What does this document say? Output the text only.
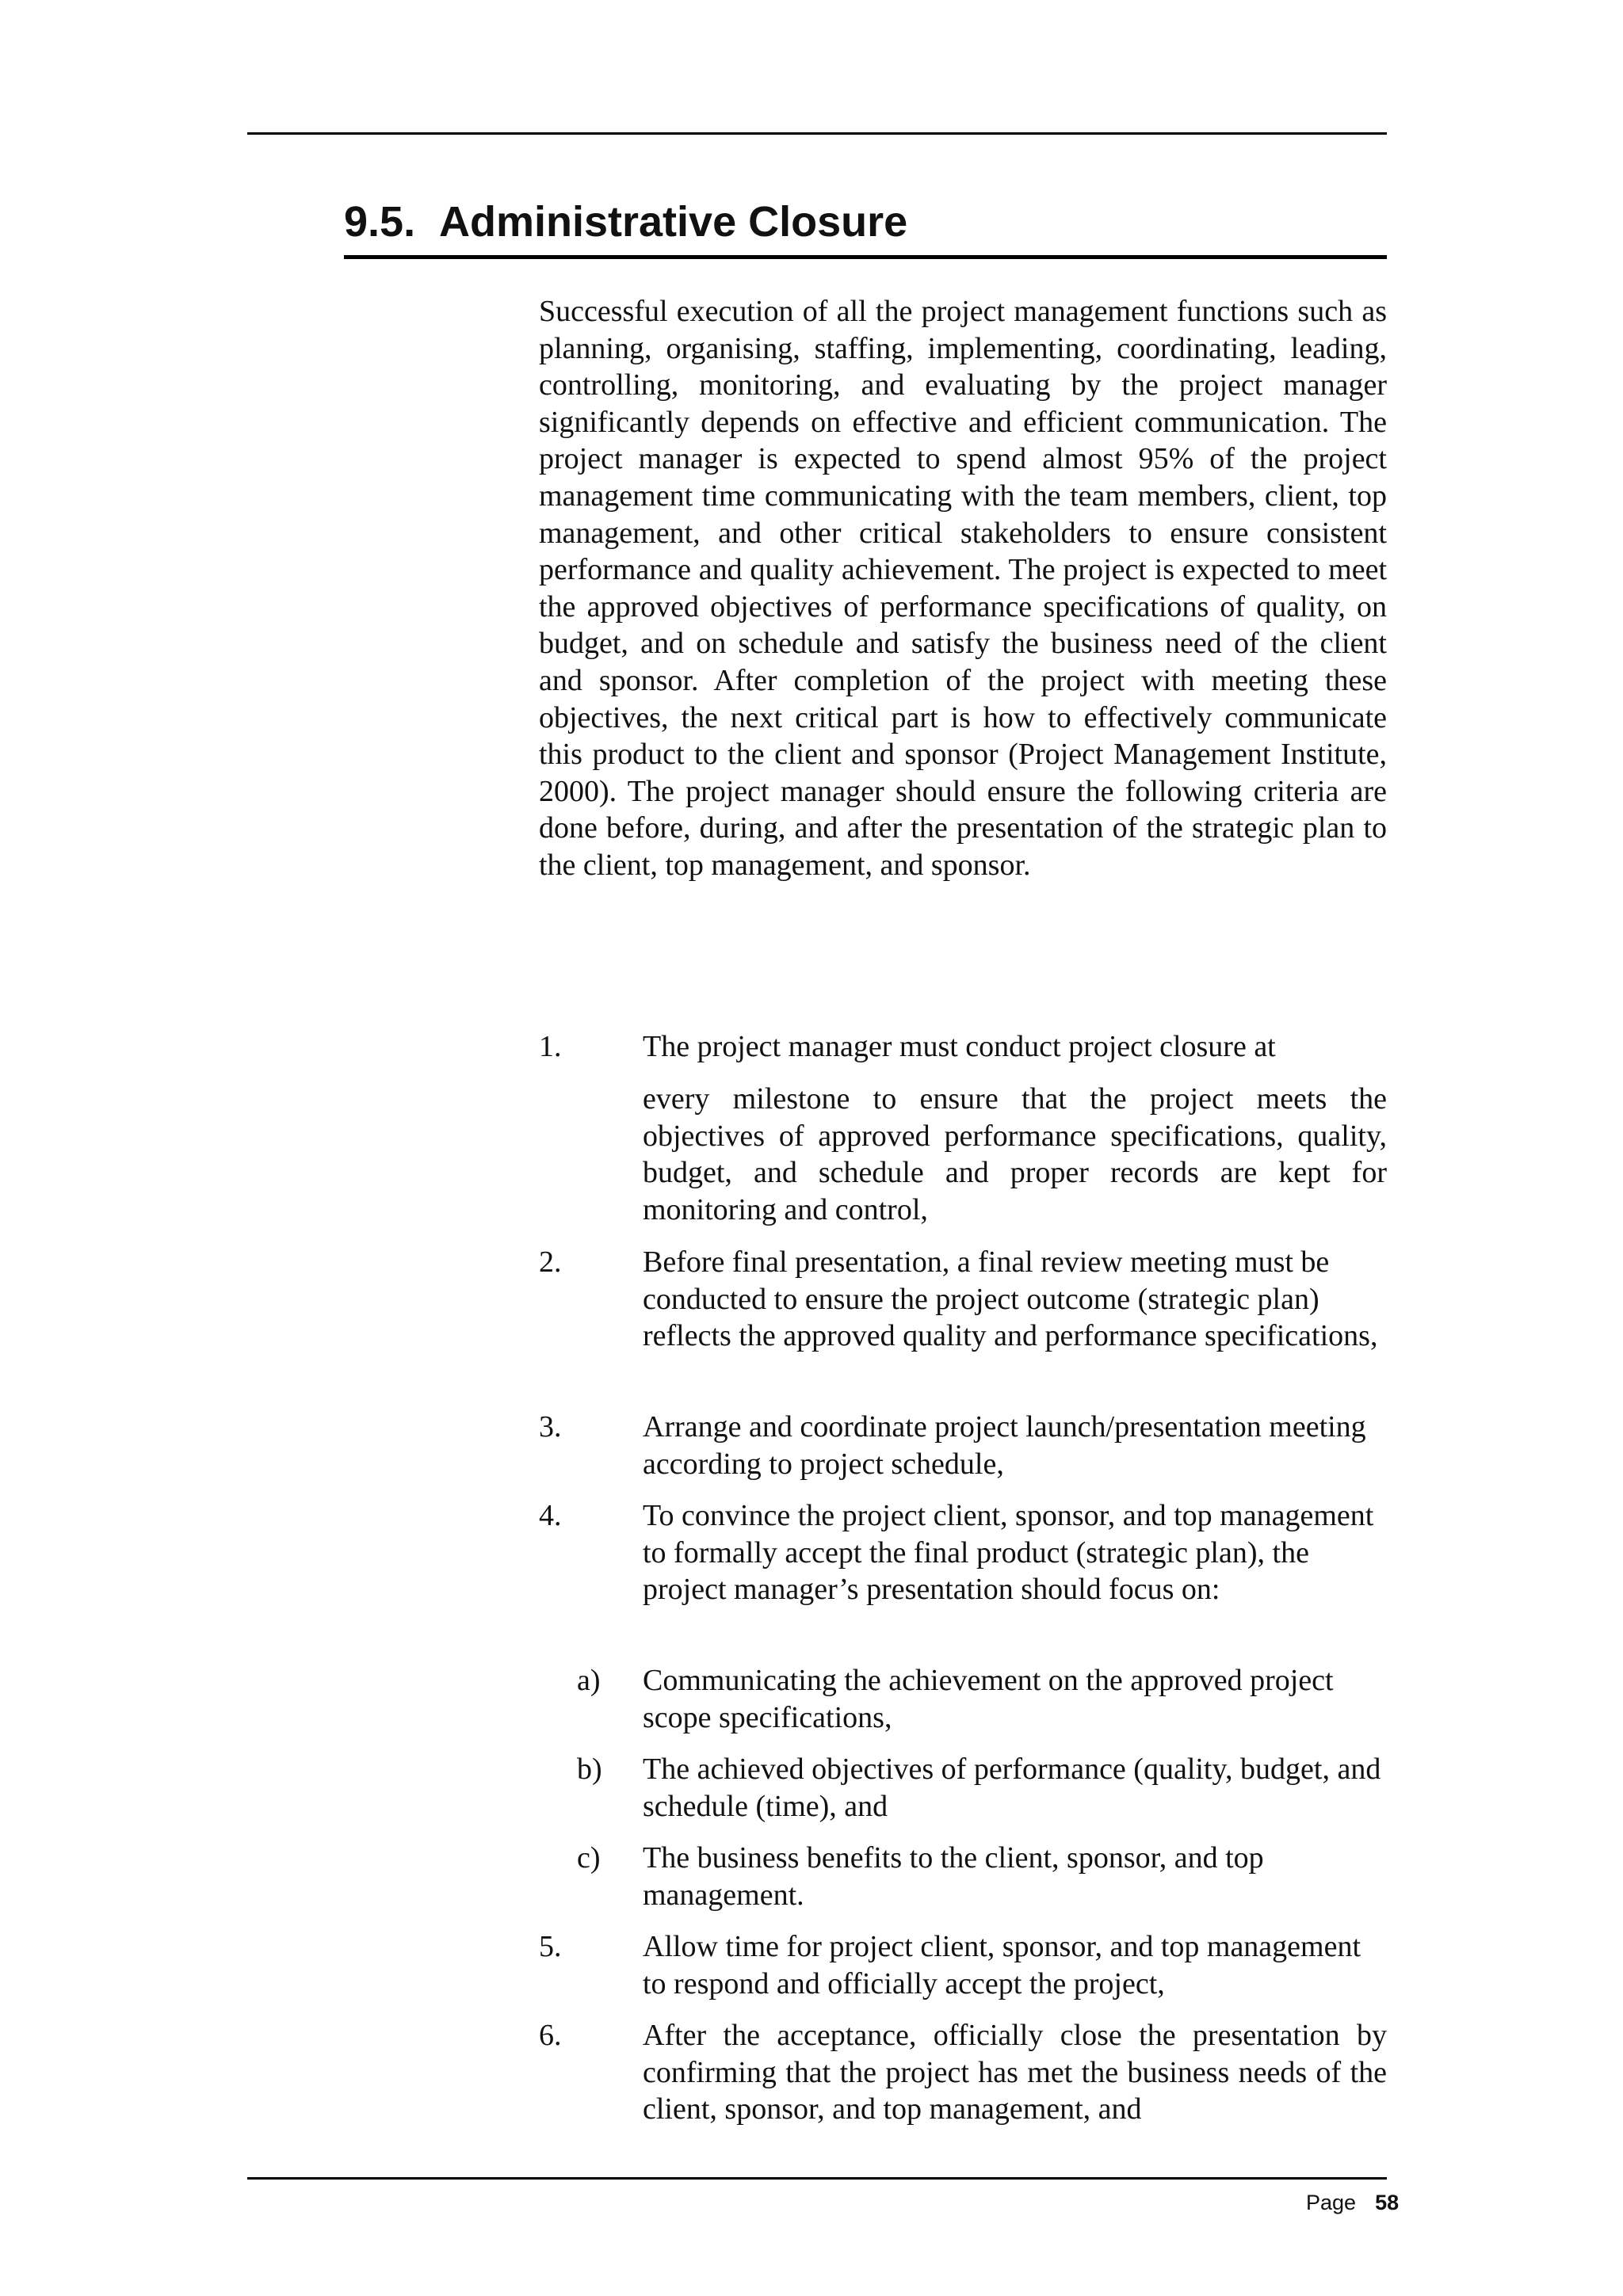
9.5. Administrative Closure

Successful execution of all the project management functions such as planning, organising, staffing, implementing, coordinating, leading, controlling, monitoring, and evaluating by the project manager significantly depends on effective and efficient communication. The project manager is expected to spend almost 95% of the project management time communicating with the team members, client, top management, and other critical stakeholders to ensure consistent performance and quality achievement. The project is expected to meet the approved objectives of performance specifications of quality, on budget, and on schedule and satisfy the business need of the client and sponsor. After completion of the project with meeting these objectives, the next critical part is how to effectively communicate this product to the client and sponsor (Project Management Institute, 2000). The project manager should ensure the following criteria are done before, during, and after the presentation of the strategic plan to the client, top management, and sponsor.

1.	The project manager must conduct project closure at

every milestone to ensure that the project meets the objectives of approved performance specifications, quality, budget, and schedule and proper records are kept for monitoring and control,

2.	Before final presentation, a final review meeting must be conducted to ensure the project outcome (strategic plan) reflects the approved quality and performance specifications,

3.	Arrange and coordinate project launch/presentation meeting according to project schedule,

4.	To convince the project client, sponsor, and top management to formally accept the final product (strategic plan), the project manager’s presentation should focus on:

a) Communicating the achievement on the approved project scope specifications,

b) The achieved objectives of performance (quality, budget, and schedule (time), and

c) The business benefits to the client, sponsor, and top management.

5.	Allow time for project client, sponsor, and top management to respond and officially accept the project,

6.	After the acceptance, officially close the presentation by confirming that the project has met the business needs of the client, sponsor, and top management, and

Page 58
